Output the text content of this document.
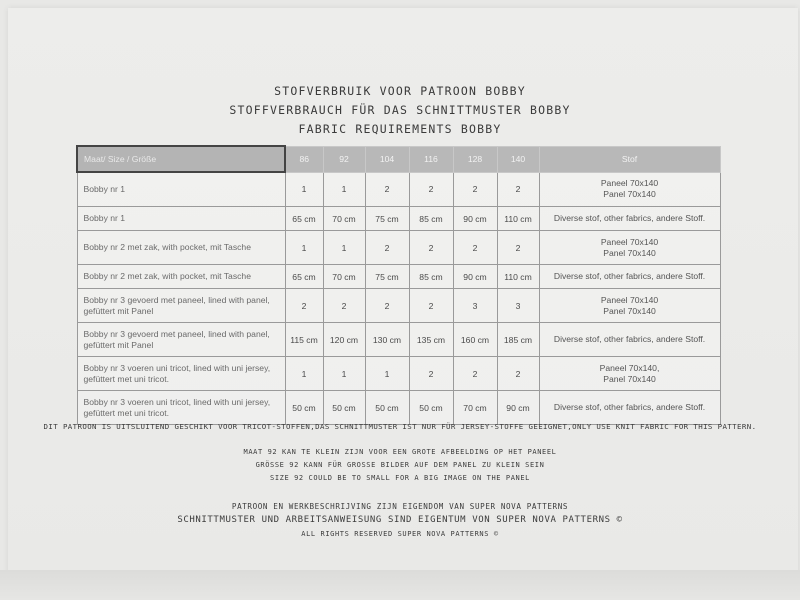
STOFVERBRUIK VOOR PATROON BOBBY
STOFFVERBRAUCH FÜR DAS SCHNITTMUSTER BOBBY
FABRIC REQUIREMENTS BOBBY
Maat/ Size / Größe	86	92	104	116	128	140	Stof
Bobby nr 1	1	1	2	2	2	2	Paneel 70x140
Panel 70x140

Bobby nr 1	65 cm	70 cm	75 cm	85 cm	90 cm	110 cm	Diverse stof, other fabrics, andere Stoff.

Bobby nr 2 met zak, with pocket, mit Tasche	1	1	2	2	2	2	Paneel 70x140
Panel 70x140

Bobby nr 2 met zak, with pocket, mit Tasche	65 cm	70 cm	75 cm	85 cm	90 cm	110 cm	Diverse stof, other fabrics, andere Stoff.

Bobby nr 3 gevoerd met paneel, lined with panel, gefüttert mit Panel	2	2	2	2	3	3	Paneel 70x140
Panel 70x140

Bobby nr 3 gevoerd met paneel, lined with panel, gefüttert mit Panel	115 cm	120 cm	130 cm	135 cm	160 cm	185 cm	Diverse stof, other fabrics, andere Stoff.

Bobby nr 3 voeren uni tricot, lined with uni jersey, gefüttert met uni tricot.	1	1	1	2	2	2	Paneel 70x140,
Panel 70x140

Bobby nr 3 voeren uni tricot, lined with uni jersey, gefüttert met uni tricot.	50 cm	50 cm	50 cm	50 cm	70 cm	90 cm	Diverse stof, other fabrics, andere Stoff.
DIT PATROON IS UITSLUITEND GESCHIKT VOOR TRICOT-STOFFEN,DAS SCHNITTMUSTER IST NUR FÜR JERSEY-STOFFE GEEIGNET,ONLY USE KNIT FABRIC FOR THIS PATTERN.
MAAT 92 KAN TE KLEIN ZIJN VOOR EEN GROTE AFBEELDING OP HET PANEEL
GRÖSSE 92 KANN FÜR GROSSE BILDER AUF DEM PANEL ZU KLEIN SEIN
SIZE 92 COULD BE TO SMALL FOR A BIG IMAGE ON THE PANEL
PATROON EN WERKBESCHRIJVING ZIJN EIGENDOM VAN SUPER NOVA PATTERNS
SCHNITTMUSTER UND ARBEITSANWEISUNG SIND EIGENTUM VON SUPER NOVA PATTERNS ©
ALL RIGHTS RESERVED SUPER NOVA PATTERNS ©
